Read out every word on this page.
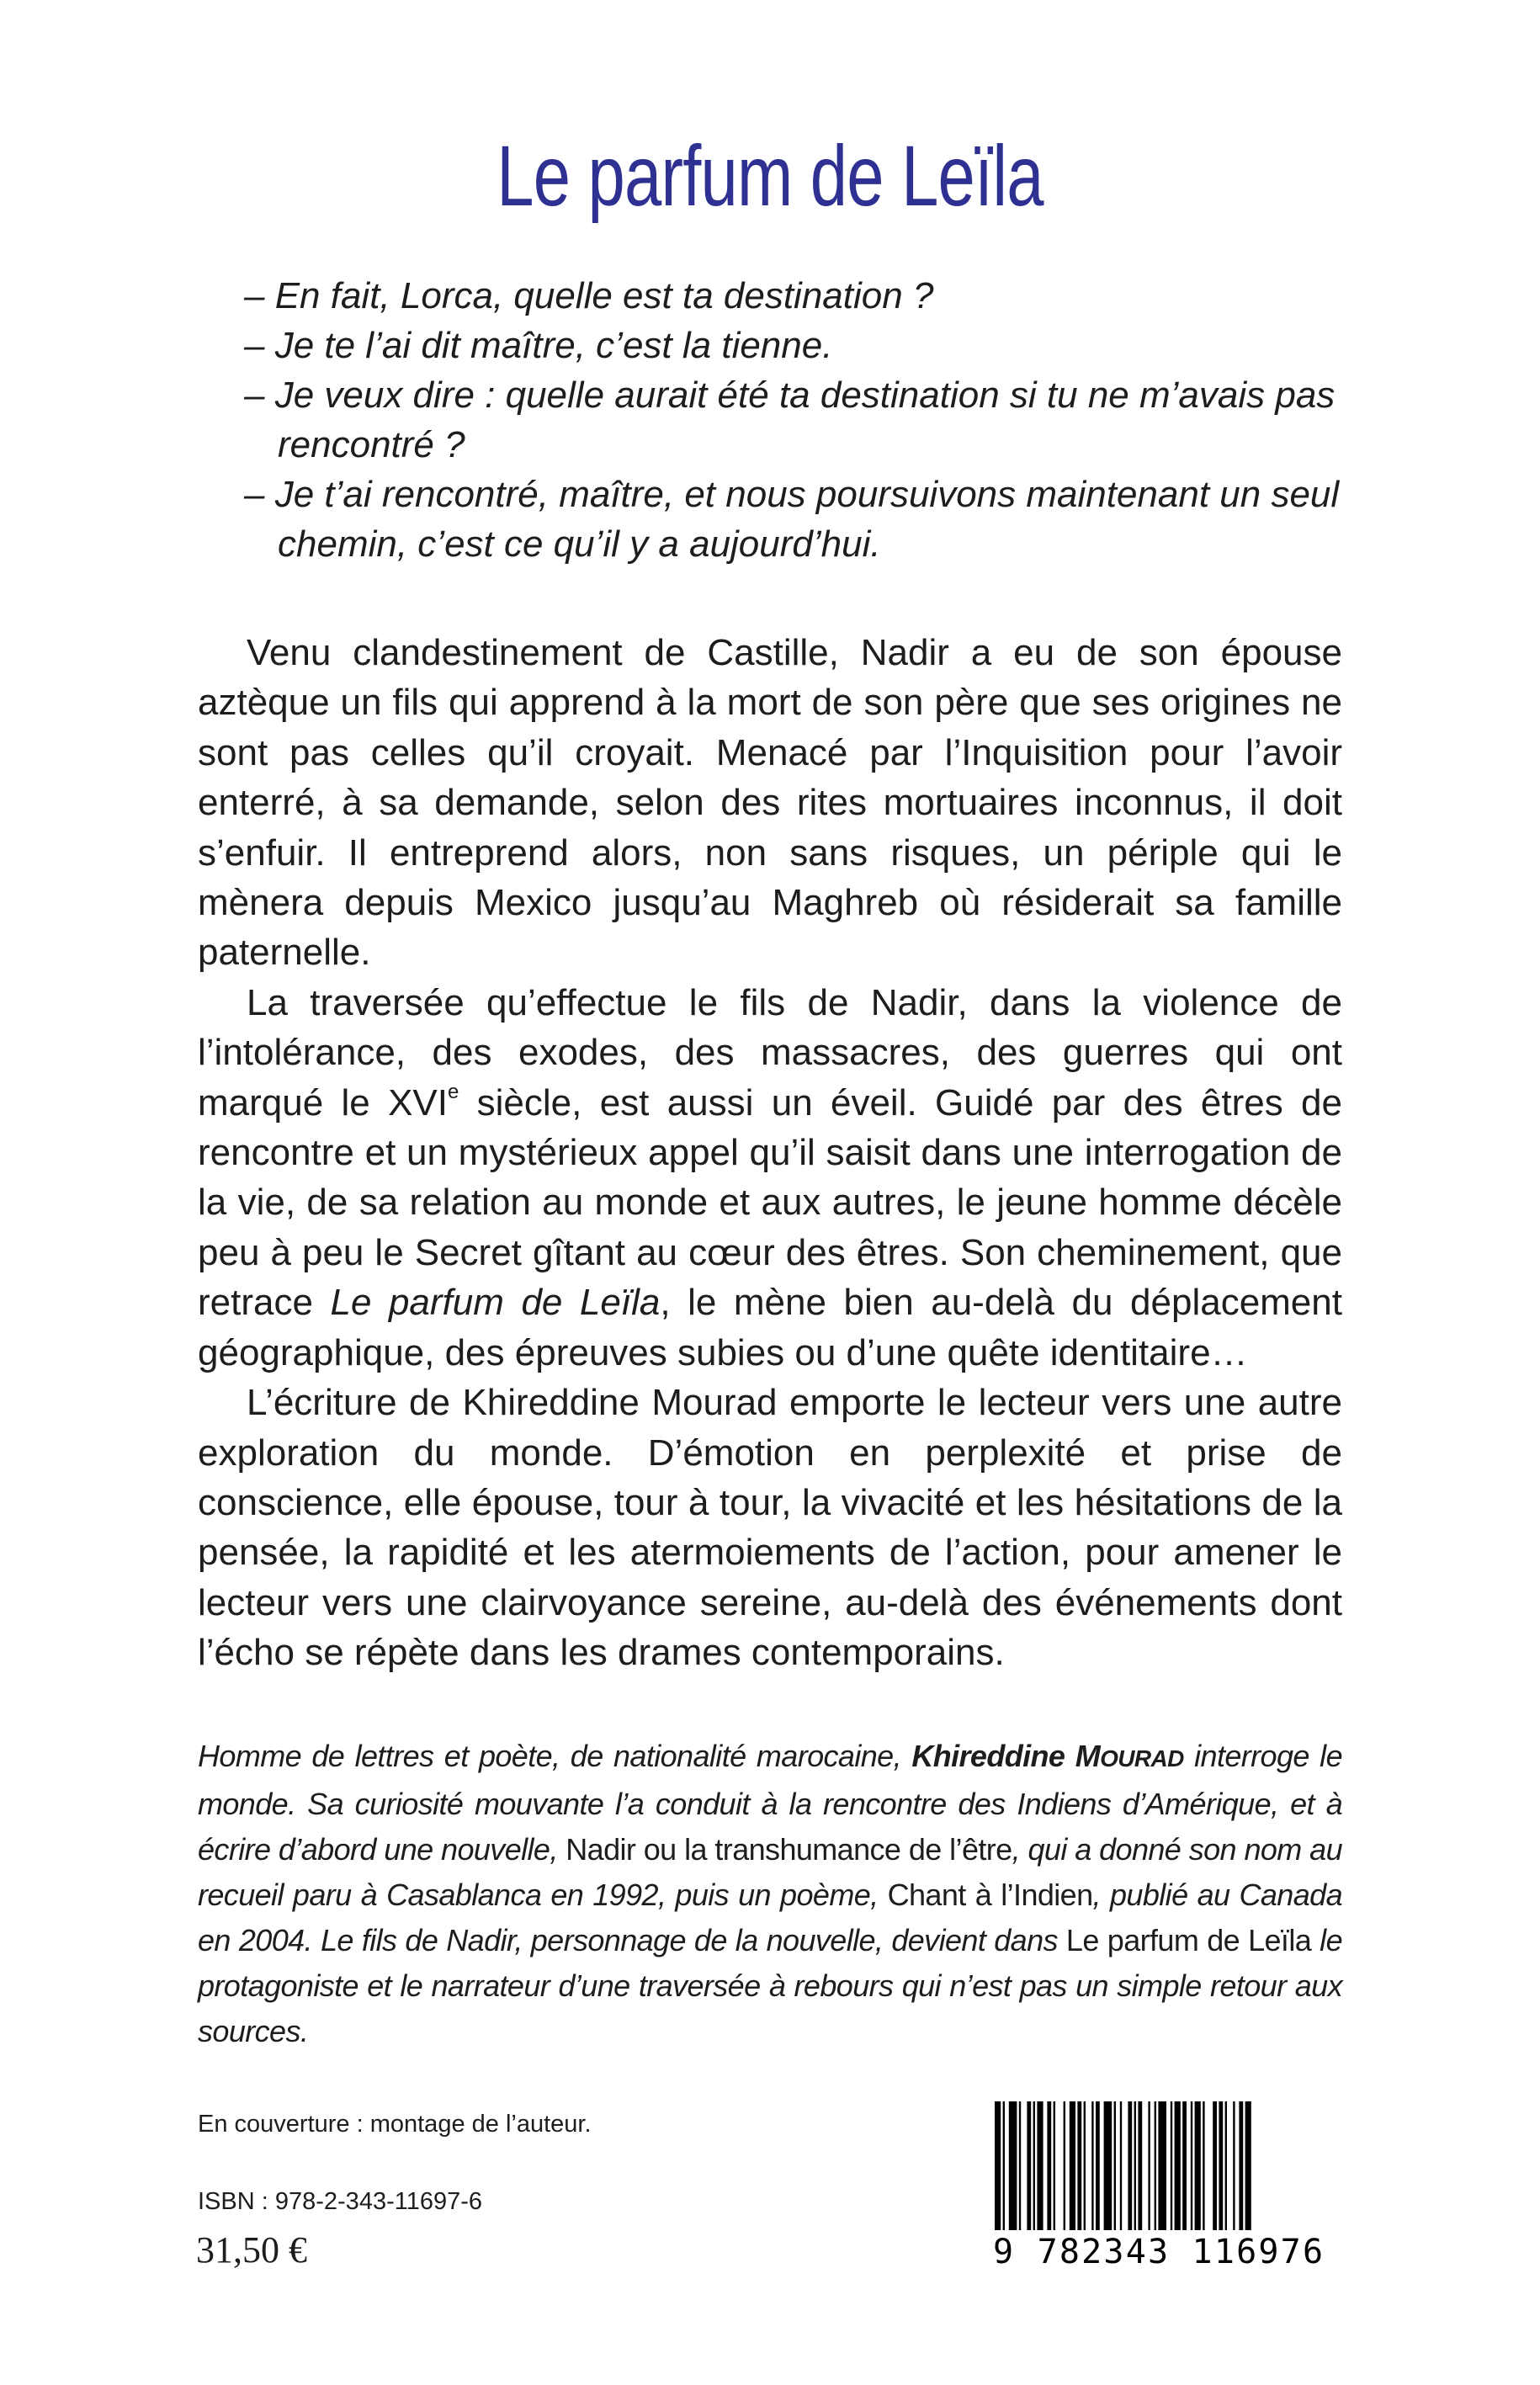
Le parfum de Leïla
– En fait, Lorca, quelle est ta destination ?
– Je te l’ai dit maître, c’est la tienne.
– Je veux dire : quelle aurait été ta destination si tu ne m’avais pas rencontré ?
– Je t’ai rencontré, maître, et nous poursuivons maintenant un seul chemin, c’est ce qu’il y a aujourd’hui.

Venu clandestinement de Castille, Nadir a eu de son épouse aztèque un fils qui apprend à la mort de son père que ses origines ne sont pas celles qu’il croyait. Menacé par l’Inquisition pour l’avoir enterré, à sa demande, selon des rites mortuaires inconnus, il doit s’enfuir. Il entreprend alors, non sans risques, un périple qui le mènera depuis Mexico jusqu’au Maghreb où résiderait sa famille paternelle.

La traversée qu’effectue le fils de Nadir, dans la violence de l’intolérance, des exodes, des massacres, des guerres qui ont marqué le XVIe siècle, est aussi un éveil. Guidé par des êtres de rencontre et un mystérieux appel qu’il saisit dans une interrogation de la vie, de sa relation au monde et aux autres, le jeune homme décèle peu à peu le Secret gîtant au cœur des êtres. Son cheminement, que retrace Le parfum de Leïla, le mène bien au-delà du déplacement géographique, des épreuves subies ou d’une quête identitaire…

L’écriture de Khireddine Mourad emporte le lecteur vers une autre exploration du monde. D’émotion en perplexité et prise de conscience, elle épouse, tour à tour, la vivacité et les hésitations de la pensée, la rapidité et les atermoiements de l’action, pour amener le lecteur vers une clairvoyance sereine, au-delà des événements dont l’écho se répète dans les drames contemporains.

Homme de lettres et poète, de nationalité marocaine, Khireddine MOURAD interroge le monde. Sa curiosité mouvante l’a conduit à la rencontre des Indiens d’Amérique, et à écrire d’abord une nouvelle, Nadir ou la transhumance de l’être, qui a donné son nom au recueil paru à Casablanca en 1992, puis un poème, Chant à l’Indien, publié au Canada en 2004. Le fils de Nadir, personnage de la nouvelle, devient dans Le parfum de Leïla le protagoniste et le narrateur d’une traversée à rebours qui n’est pas un simple retour aux sources.
En couverture : montage de l’auteur.
ISBN : 978-2-343-11697-6
31,50 €	9 782343 116976
